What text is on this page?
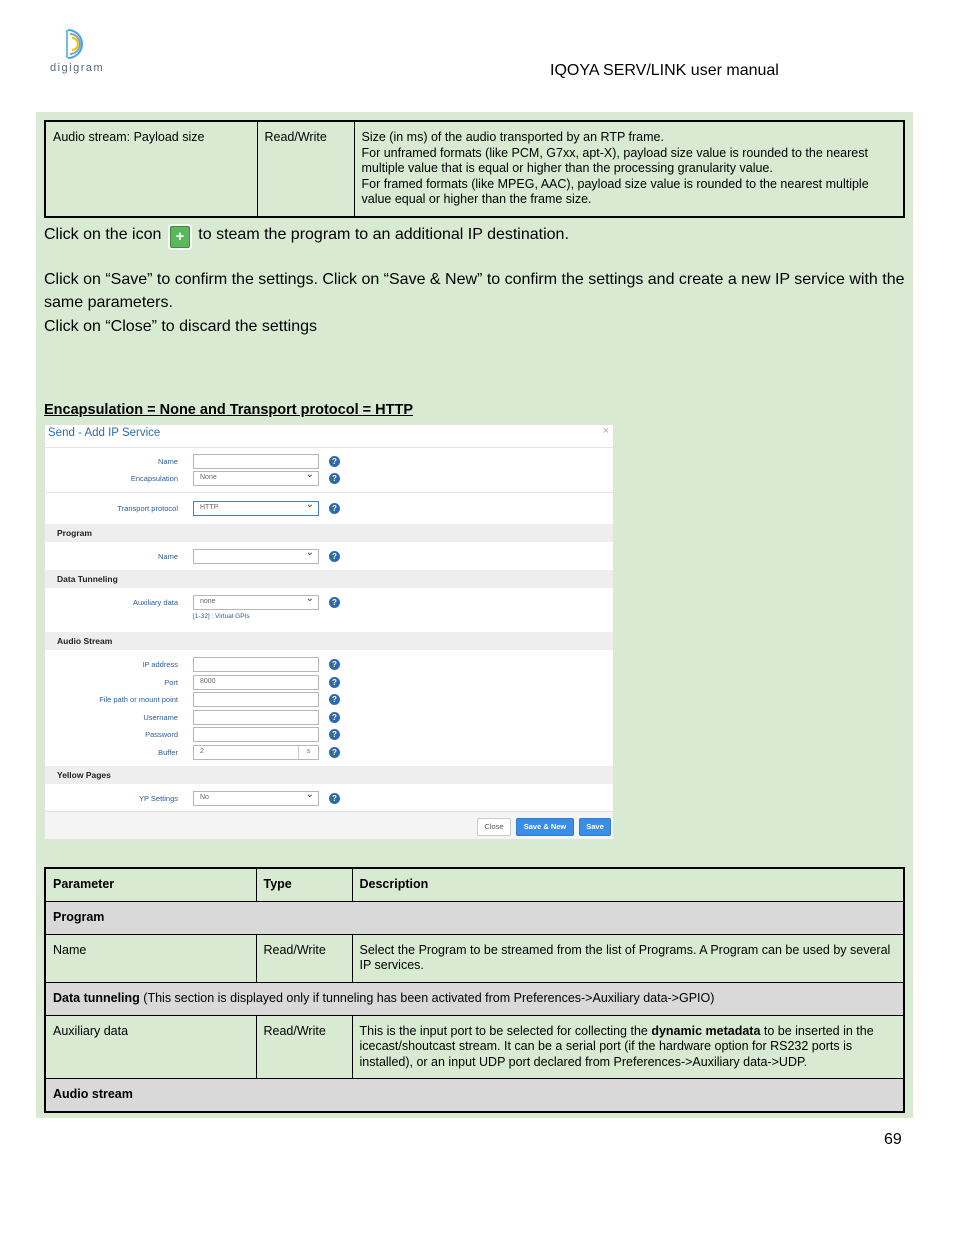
digigram	IQOYA SERV/LINK user manual
Audio stream: Payload size	Read/Write	Size (in ms) of the audio transported by an RTP frame.
For unframed formats (like PCM, G7xx, apt-X), payload size value is rounded to the nearest multiple value that is equal or higher than the processing granularity value.
For framed formats (like MPEG, AAC), payload size value is rounded to the nearest multiple value equal or higher than the frame size.
Click on the icon + to steam the program to an additional IP destination.
Click on “Save” to confirm the settings. Click on “Save & New” to confirm the settings and create a new IP service with the same parameters.
Click on “Close” to discard the settings
Encapsulation = None and Transport protocol = HTTP
Send - Add IP Service	×
Name	?
Encapsulation	None ⌄	?
Transport protocol	HTTP ⌄	?
Program
Name ⌄	?
Data Tunneling
Auxiliary data	none ⌄	?
[1-32] : Virtual GPIs
Audio Stream
IP address	?
Port	8000	?
File path or mount point	?
Username	?
Password	?
Buffer	2	s	?
Yellow Pages
YP Settings	No ⌄	?
Close	Save & New	Save
Parameter	Type	Description
Program		
Name	Read/Write	Select the Program to be streamed from the list of Programs. A Program can be used by several IP services.
Data tunneling (This section is displayed only if tunneling has been activated from Preferences->Auxiliary data->GPIO)		
Auxiliary data	Read/Write	This is the input port to be selected for collecting the dynamic metadata to be inserted in the icecast/shoutcast stream. It can be a serial port (if the hardware option for RS232 ports is installed), or an input UDP port declared from Preferences->Auxiliary data->UDP.
Audio stream		
69
